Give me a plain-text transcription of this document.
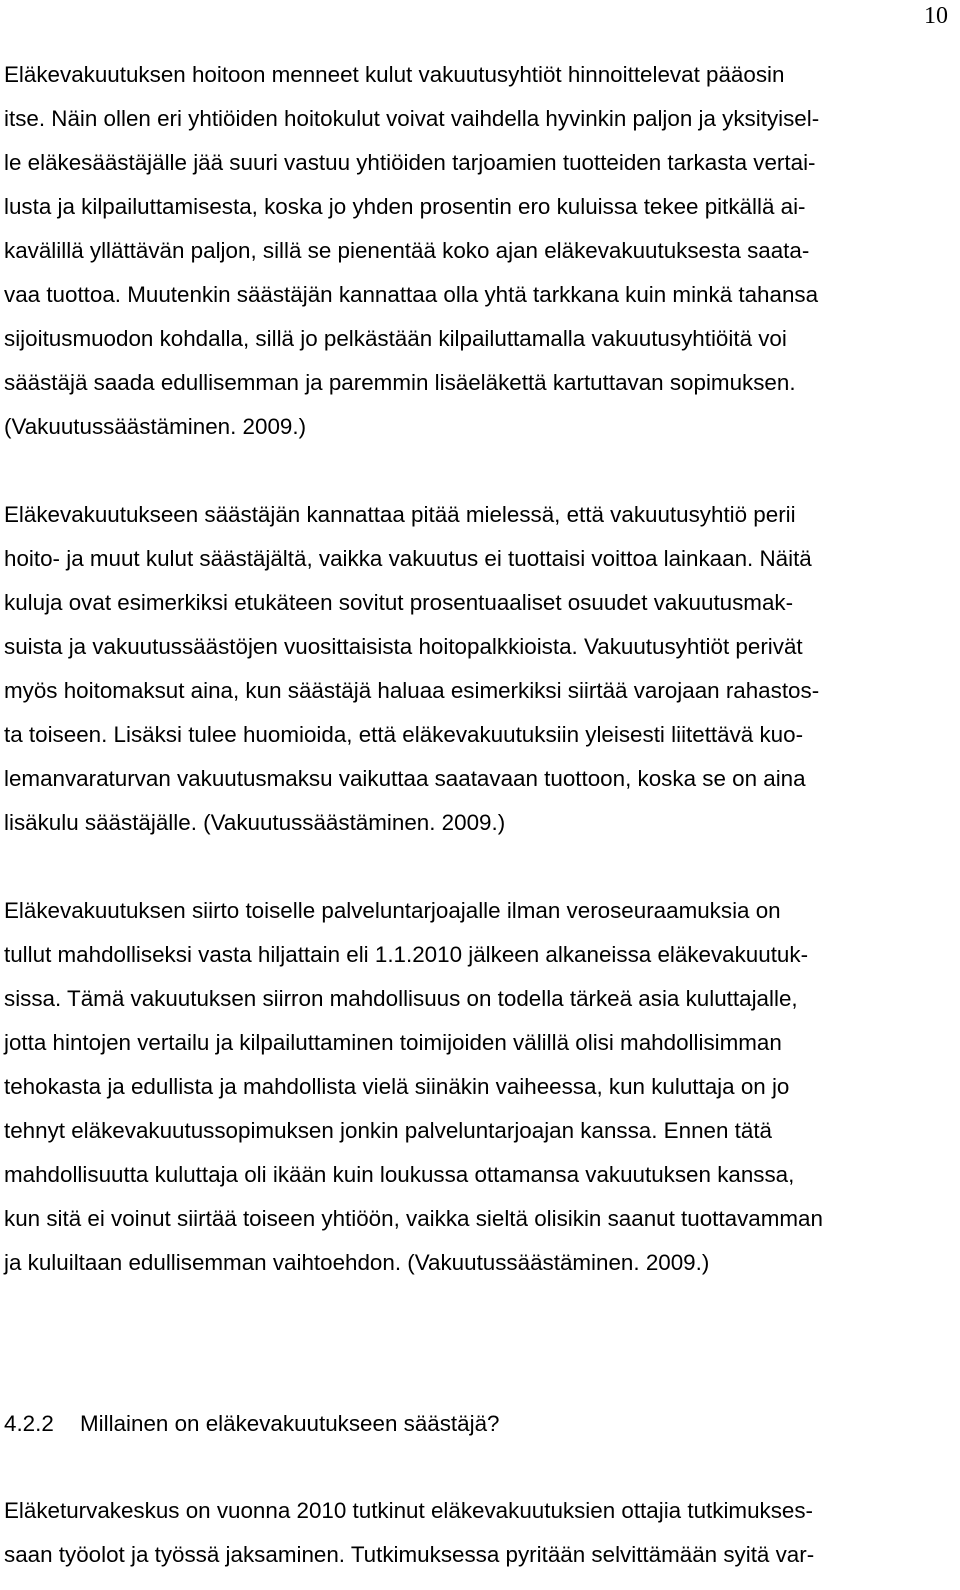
10
Eläkevakuutuksen hoitoon menneet kulut vakuutusyhtiöt hinnoittelevat pääosin
itse. Näin ollen eri yhtiöiden hoitokulut voivat vaihdella hyvinkin paljon ja yksityisel-
le eläkesäästäjälle jää suuri vastuu yhtiöiden tarjoamien tuotteiden tarkasta vertai-
lusta ja kilpailuttamisesta, koska jo yhden prosentin ero kuluissa tekee pitkällä ai-
kavälillä yllättävän paljon, sillä se pienentää koko ajan eläkevakuutuksesta saata-
vaa tuottoa. Muutenkin säästäjän kannattaa olla yhtä tarkkana kuin minkä tahansa
sijoitusmuodon kohdalla, sillä jo pelkästään kilpailuttamalla vakuutusyhtiöitä voi
säästäjä saada edullisemman ja paremmin lisäeläkettä kartuttavan sopimuksen.
(Vakuutussäästäminen. 2009.)
Eläkevakuutukseen säästäjän kannattaa pitää mielessä, että vakuutusyhtiö perii
hoito- ja muut kulut säästäjältä, vaikka vakuutus ei tuottaisi voittoa lainkaan. Näitä
kuluja ovat esimerkiksi etukäteen sovitut prosentuaaliset osuudet vakuutusmak-
suista ja vakuutussäästöjen vuosittaisista hoitopalkkioista. Vakuutusyhtiöt perivät
myös hoitomaksut aina, kun säästäjä haluaa esimerkiksi siirtää varojaan rahastos-
ta toiseen. Lisäksi tulee huomioida, että eläkevakuutuksiin yleisesti liitettävä kuo-
lemanvaraturvan vakuutusmaksu vaikuttaa saatavaan tuottoon, koska se on aina
lisäkulu säästäjälle. (Vakuutussäästäminen. 2009.)
Eläkevakuutuksen siirto toiselle palveluntarjoajalle ilman veroseuraamuksia on
tullut mahdolliseksi vasta hiljattain eli 1.1.2010 jälkeen alkaneissa eläkevakuutuk-
sissa. Tämä vakuutuksen siirron mahdollisuus on todella tärkeä asia kuluttajalle,
jotta hintojen vertailu ja kilpailuttaminen toimijoiden välillä olisi mahdollisimman
tehokasta ja edullista ja mahdollista vielä siinäkin vaiheessa, kun kuluttaja on jo
tehnyt eläkevakuutussopimuksen jonkin palveluntarjoajan kanssa. Ennen tätä
mahdollisuutta kuluttaja oli ikään kuin loukussa ottamansa vakuutuksen kanssa,
kun sitä ei voinut siirtää toiseen yhtiöön, vaikka sieltä olisikin saanut tuottavamman
ja kuluiltaan edullisemman vaihtoehdon. (Vakuutussäästäminen. 2009.)
4.2.2 Millainen on eläkevakuutukseen säästäjä?
Eläketurvakeskus on vuonna 2010 tutkinut eläkevakuutuksien ottajia tutkimukses-
saan työolot ja työssä jaksaminen. Tutkimuksessa pyritään selvittämään syitä var-
